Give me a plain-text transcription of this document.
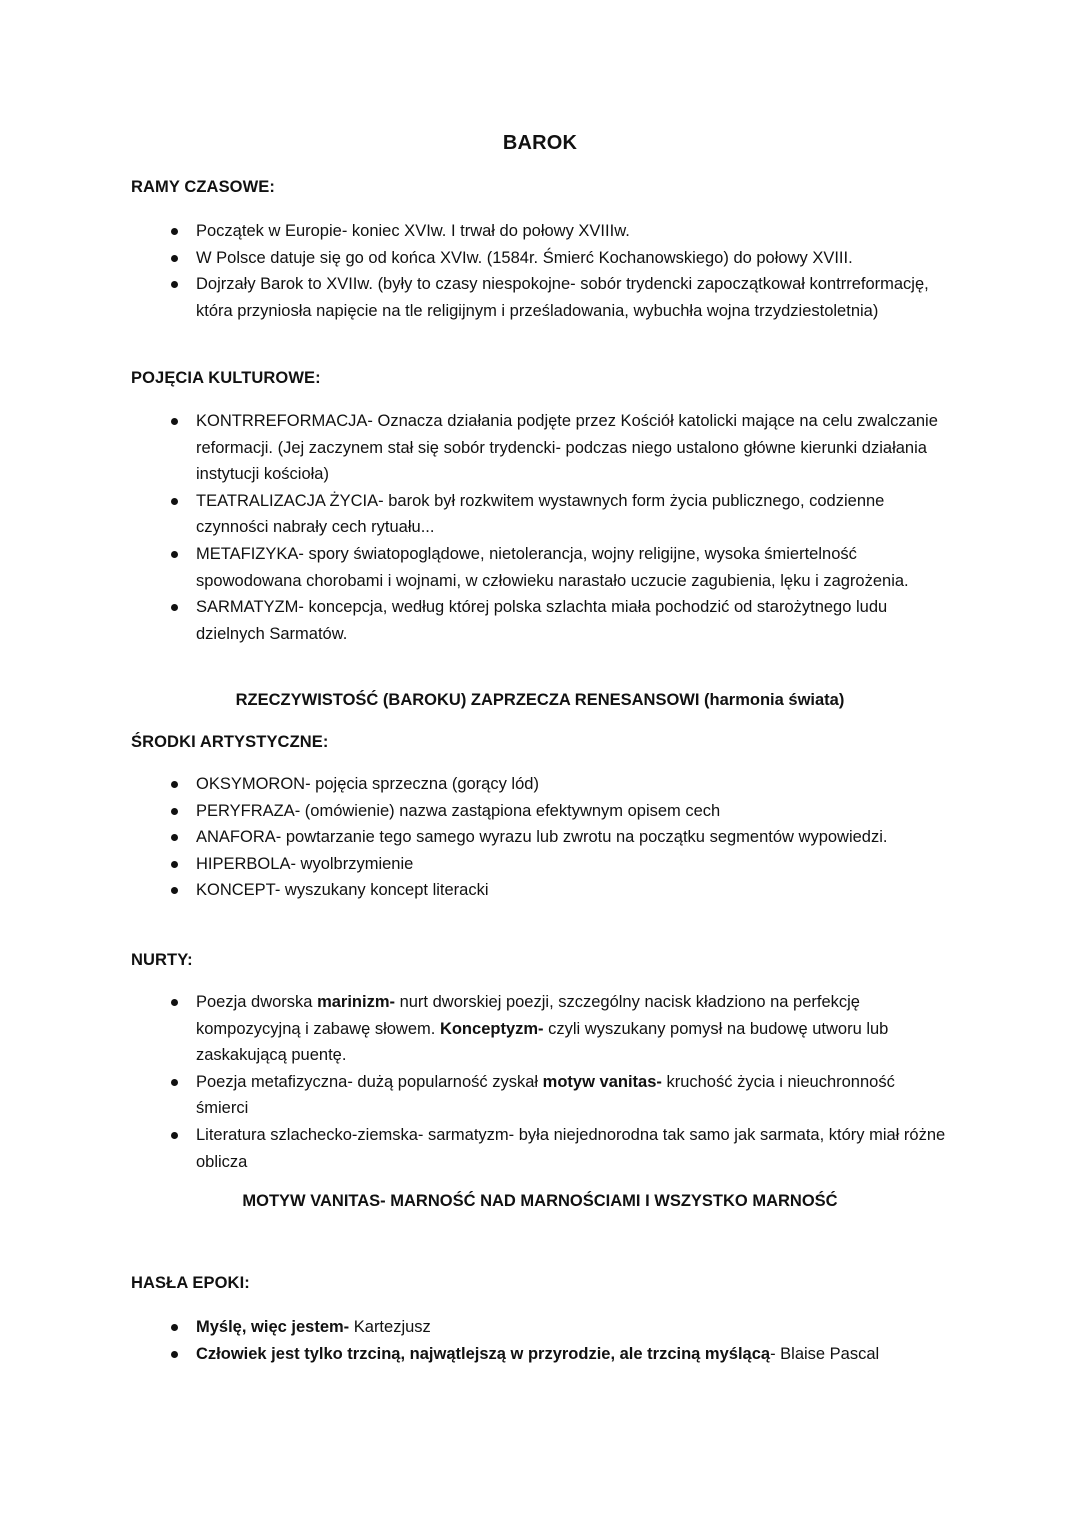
BAROK
RAMY CZASOWE:
Początek w Europie- koniec XVIw. I trwał do połowy XVIIIw.
W Polsce datuje się go od końca XVIw. (1584r. Śmierć Kochanowskiego) do połowy XVIII.
Dojrzały Barok to XVIIw. (były to czasy niespokojne- sobór trydencki zapoczątkował kontrreformację, która przyniosła napięcie na tle religijnym i prześladowania, wybuchła wojna trzydziestoletnia)
POJĘCIA KULTUROWE:
KONTRREFORMACJA- Oznacza działania podjęte przez Kościół katolicki mające na celu zwalczanie reformacji. (Jej zaczynem stał się sobór trydencki- podczas niego ustalono główne kierunki działania instytucji kościoła)
TEATRALIZACJA ŻYCIA- barok był rozkwitem wystawnych form życia publicznego, codzienne czynności nabrały cech rytuału...
METAFIZYKA- spory światopoglądowe, nietolerancja, wojny religijne, wysoka śmiertelność spowodowana chorobami i wojnami, w człowieku narastało uczucie zagubienia, lęku i zagrożenia.
SARMATYZM- koncepcja, według której polska szlachta miała pochodzić od starożytnego ludu dzielnych Sarmatów.
RZECZYWISTOŚĆ (BAROKU) ZAPRZECZA RENESANSOWI (harmonia świata)
ŚRODKI ARTYSTYCZNE:
OKSYMORON- pojęcia sprzeczna (gorący lód)
PERYFRAZA- (omówienie) nazwa zastąpiona efektywnym opisem cech
ANAFORA- powtarzanie tego samego wyrazu lub zwrotu na początku segmentów wypowiedzi.
HIPERBOLA- wyolbrzymienie
KONCEPT- wyszukany koncept literacki
NURTY:
Poezja dworska marinizm- nurt dworskiej poezji, szczególny nacisk kładziono na perfekcję kompozycyjną i zabawę słowem. Konceptyzm- czyli wyszukany pomysł na budowę utworu lub zaskakującą puentę.
Poezja metafizyczna- dużą popularność zyskał motyw vanitas- kruchość życia i nieuchronność śmierci
Literatura szlachecko-ziemska- sarmatyzm- była niejednorodna tak samo jak sarmata, który miał różne oblicza
MOTYW VANITAS- MARNOŚĆ NAD MARNOŚCIAMI I WSZYSTKO MARNOŚĆ
HASŁA EPOKI:
Myślę, więc jestem- Kartezjusz
Człowiek jest tylko trzciną, najwątlejszą w przyrodzie, ale trzciną myślącą- Blaise Pascal
